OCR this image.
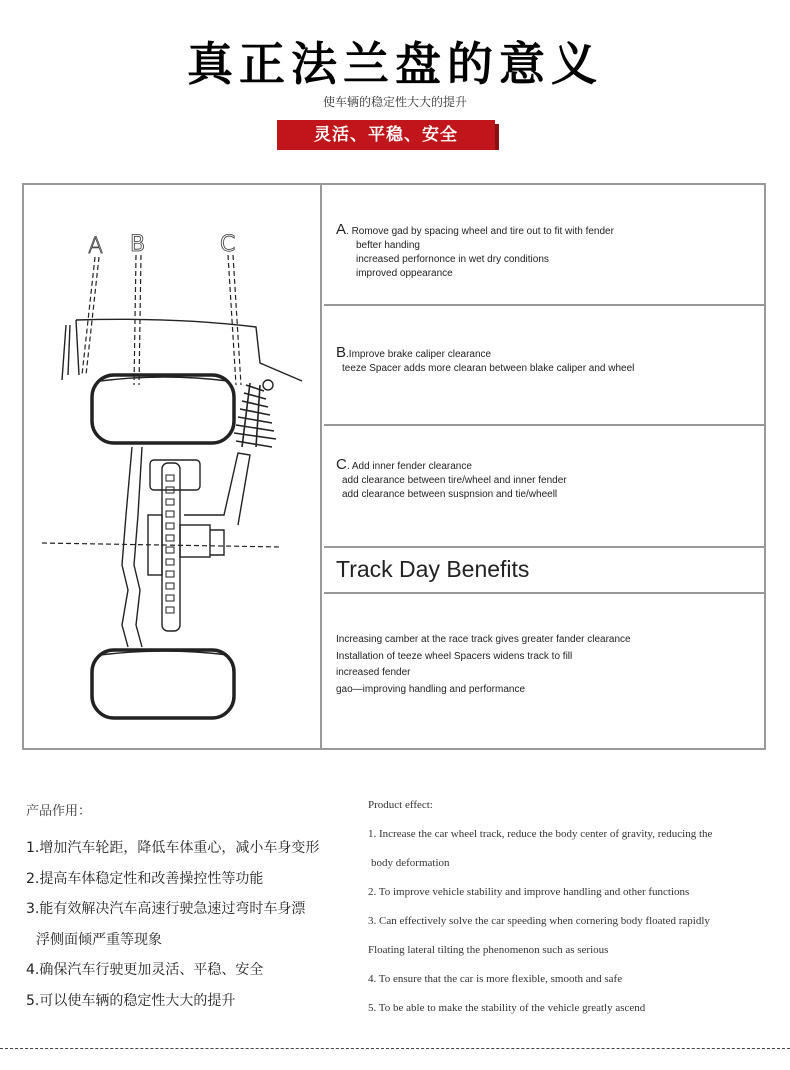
真正法兰盘的意义
使车辆的稳定性大大的提升
灵活、平稳、安全
A B	C
A. Romove gad by spacing wheel and tire out to fit with fender
befter handing
increased perfornonce in wet dry conditions
improved oppearance
B.Improve brake caliper clearance
teeze Spacer adds more clearan between blake caliper and wheel
C. Add inner fender clearance
add clearance between tire/wheel and inner fender
add clearance between suspnsion and tie/wheell
Track Day Benefits
Increasing camber at the race track gives greater fander clearance
Installation of teeze wheel Spacers widens track to fill
increased fender
gao—improving handling and performance
产品作用：
1.增加汽车轮距，降低车体重心，减小车身变形
2.提高车体稳定性和改善操控性等功能
3.能有效解决汽车高速行驶急速过弯时车身漂
浮侧面倾严重等现象
4.确保汽车行驶更加灵活、平稳、安全
5.可以使车辆的稳定性大大的提升
Product effect:
1. Increase the car wheel track, reduce the body center of gravity, reducing the
body deformation
2. To improve vehicle stability and improve handling and other functions
3. Can effectively solve the car speeding when cornering body floated rapidly
Floating lateral tilting the phenomenon such as serious
4. To ensure that the car is more flexible, smooth and safe
5. To be able to make the stability of the vehicle greatly ascend
